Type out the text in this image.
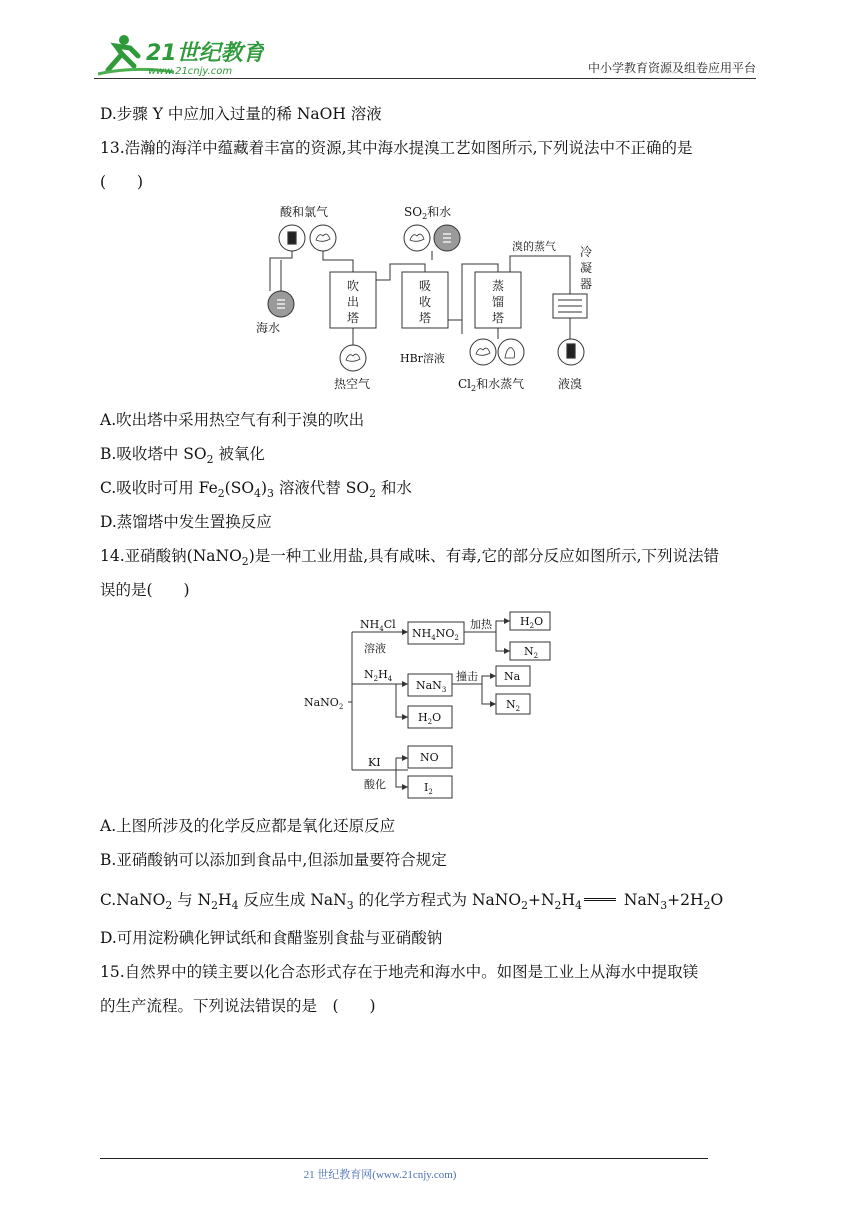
21世纪教育
www.21cnjy.com	中小学教育资源及组卷应用平台
D.步骤 Y 中应加入过量的稀 NaOH 溶液
13.浩瀚的海洋中蕴藏着丰富的资源,其中海水提溴工艺如图所示,下列说法中不正确的是
(　　)
酸和氯气	$SO_2$和水
溴的蒸气
海水
热空气
HBr溶液
$Cl_2$和水蒸气	液溴
吹
出
塔
吸
收
塔
蒸
馏
塔
冷
凝
器
A.吹出塔中采用热空气有利于溴的吹出
B.吸收塔中 $SO_2$ 被氧化
C.吸收时可用 $Fe_2(SO_4)_3$ 溶液代替 $SO_2$ 和水
D.蒸馏塔中发生置换反应
14.亚硝酸钠(NaNO$_2$)是一种工业用盐,具有咸味、有毒,它的部分反应如图所示,下列说法错
误的是(　　)
$NH_4Cl$
溶液
$NH_4NO_2$
加热	$H_2O$
$N_2$
NaNO$_2$
$N_2H_4$ NaN$_3$
撞击 Na
$N_2$
$H_2O$
KI
酸化
NO
$I_2$
A.上图所涉及的化学反应都是氧化还原反应
B.亚硝酸钠可以添加到食品中,但添加量要符合规定
C.NaNO$_2$ 与 $N_2H_4$ 反应生成 NaN$_3$ 的化学方程式为 $NaNO_2+N_2H_4$	$NaN_3+2H_2O$
D.可用淀粉碘化钾试纸和食醋鉴别食盐与亚硝酸钠
15.自然界中的镁主要以化合态形式存在于地壳和海水中。如图是工业上从海水中提取镁
的生产流程。下列说法错误的是　(　　)
21 世纪教育网(www.21cnjy.com)
